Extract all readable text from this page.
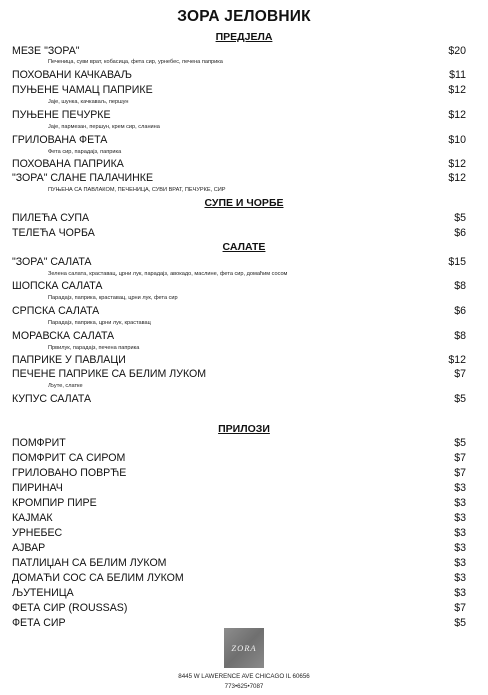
ЗОРА ЈЕЛОВНИК
ПРЕДЈЕЛА
МЕЗЕ "ЗОРА"	$20
Печеница, суви врат, кобасица, фета сир, урнебес, печена паприка
ПОХОВАНИ КАЧКАВАЉ	$11
ПУЊЕНЕ ЧАМАЦ ПАПРИКЕ	$12
Јаје, шунка, качкаваљ, першун
ПУЊЕНЕ ПЕЧУРКЕ	$12
Јаје, пармезан, першун, крем сир, сланина
ГРИЛОВАНА ФЕТА	$10
Фета сир, парадајз, паприка
ПОХОВАНА ПАПРИКА	$12
"ЗОРА" СЛАНЕ ПАЛАЧИНКЕ	$12
ПУЊЕНА СА ПАВЛАКОМ, ПЕЧЕНИЦА, СУВИ ВРАТ, ПЕЧУРКЕ, СИР
СУПЕ И ЧОРБЕ
ПИЛЕЋА СУПА	$5
ТЕЛЕЋА ЧОРБА	$6
САЛАТЕ
"ЗОРА" САЛАТА	$15
Зелена салата, краставац, црни лук, парадајз, авокадо, маслине, фета сир, домаћим сосом
ШОПСКА САЛАТА	$8
Парадајз, паприка, краставац, црни лук, фета сир
СРПСКА САЛАТА	$6
Парадајз, паприка, црни лук, краставац
МОРАВСКА САЛАТА	$8
Првилук, парадајз, печена паприка
ПАПРИКЕ У ПАВЛАЦИ	$12
ПЕЧЕНЕ ПАПРИКЕ СА БЕЛИМ ЛУКОМ	$7
Љуте, слатке
КУПУС САЛАТА	$5
ПРИЛОЗИ
ПОМФРИТ	$5
ПОМФРИТ СА СИРОМ	$7
ГРИЛОВАНО ПОВРЋЕ	$7
ПИРИНАЧ	$3
КРОМПИР ПИРЕ	$3
КАЈМАК	$3
УРНЕБЕС	$3
АЈВАР	$3
ПАТЛИЏАН СА БЕЛИМ ЛУКОМ	$3
ДОМАЋИ СОС СА БЕЛИМ ЛУКОМ	$3
ЉУТЕНИЦА	$3
ФЕТА СИР (ROUSSAS)	$7
ФЕТА СИР	$5
ZORA
8445 W LAWERENCE AVE CHICAGO IL 60656
773•625•7087
